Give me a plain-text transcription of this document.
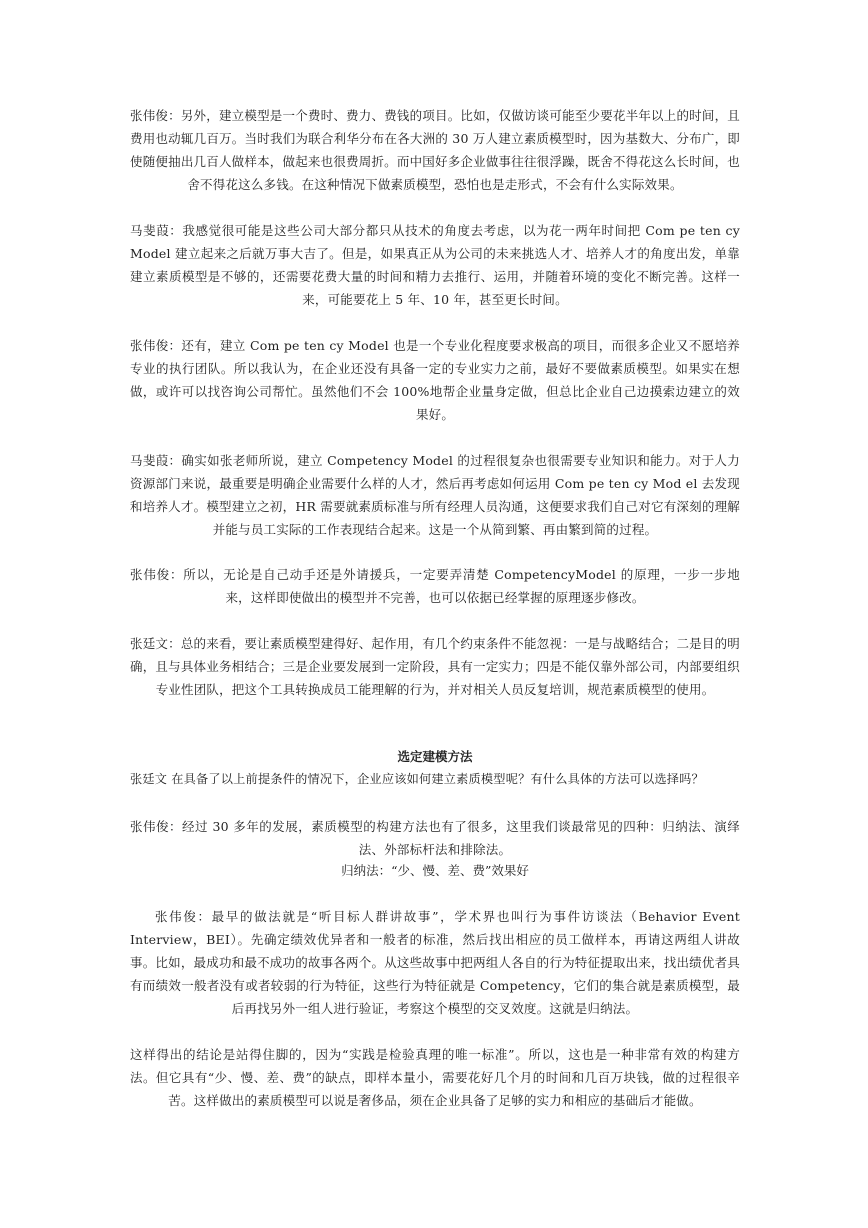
张伟俊：另外，建立模型是一个费时、费力、费钱的项目。比如，仅做访谈可能至少要花半年以上的时间，且费用也动辄几百万。当时我们为联合利华分布在各大洲的 30 万人建立素质模型时，因为基数大、分布广，即使随便抽出几百人做样本，做起来也很费周折。而中国好多企业做事往往很浮躁，既舍不得花这么长时间，也舍不得花这么多钱。在这种情况下做素质模型，恐怕也是走形式，不会有什么实际效果。

马斐葭：我感觉很可能是这些公司大部分都只从技术的角度去考虑，以为花一两年时间把 Com pe ten cy Model 建立起来之后就万事大吉了。但是，如果真正从为公司的未来挑选人才、培养人才的角度出发，单靠建立素质模型是不够的，还需要花费大量的时间和精力去推行、运用，并随着环境的变化不断完善。这样一来，可能要花上 5 年、10 年，甚至更长时间。

张伟俊：还有，建立 Com pe ten cy Model 也是一个专业化程度要求极高的项目，而很多企业又不愿培养专业的执行团队。所以我认为，在企业还没有具备一定的专业实力之前，最好不要做素质模型。如果实在想做，或许可以找咨询公司帮忙。虽然他们不会 100%地帮企业量身定做，但总比企业自己边摸索边建立的效果好。

马斐葭：确实如张老师所说，建立 Competency Model 的过程很复杂也很需要专业知识和能力。对于人力资源部门来说，最重要是明确企业需要什么样的人才，然后再考虑如何运用 Com pe ten cy Mod el 去发现和培养人才。模型建立之初，HR 需要就素质标准与所有经理人员沟通，这便要求我们自己对它有深刻的理解并能与员工实际的工作表现结合起来。这是一个从简到繁、再由繁到简的过程。

张伟俊：所以，无论是自己动手还是外请援兵，一定要弄清楚 CompetencyModel 的原理，一步一步地来，这样即使做出的模型并不完善，也可以依据已经掌握的原理逐步修改。

张廷文：总的来看，要让素质模型建得好、起作用，有几个约束条件不能忽视：一是与战略结合；二是目的明确，且与具体业务相结合；三是企业要发展到一定阶段，具有一定实力；四是不能仅靠外部公司，内部要组织专业性团队，把这个工具转换成员工能理解的行为，并对相关人员反复培训，规范素质模型的使用。

选定建模方法

张廷文 在具备了以上前提条件的情况下，企业应该如何建立素质模型呢？有什么具体的方法可以选择吗？

张伟俊：经过 30 多年的发展，素质模型的构建方法也有了很多，这里我们谈最常见的四种：归纳法、演绎法、外部标杆法和排除法。

归纳法：“少、慢、差、费”效果好

张伟俊：最早的做法就是“听目标人群讲故事”，学术界也叫行为事件访谈法（Behavior Event Interview，BEI）。先确定绩效优异者和一般者的标准，然后找出相应的员工做样本，再请这两组人讲故事。比如，最成功和最不成功的故事各两个。从这些故事中把两组人各自的行为特征提取出来，找出绩优者具有而绩效一般者没有或者较弱的行为特征，这些行为特征就是 Competency，它们的集合就是素质模型，最后再找另外一组人进行验证，考察这个模型的交叉效度。这就是归纳法。

这样得出的结论是站得住脚的，因为“实践是检验真理的唯一标准”。所以，这也是一种非常有效的构建方法。但它具有“少、慢、差、费”的缺点，即样本量小，需要花好几个月的时间和几百万块钱，做的过程很辛苦。这样做出的素质模型可以说是奢侈品，须在企业具备了足够的实力和相应的基础后才能做。
